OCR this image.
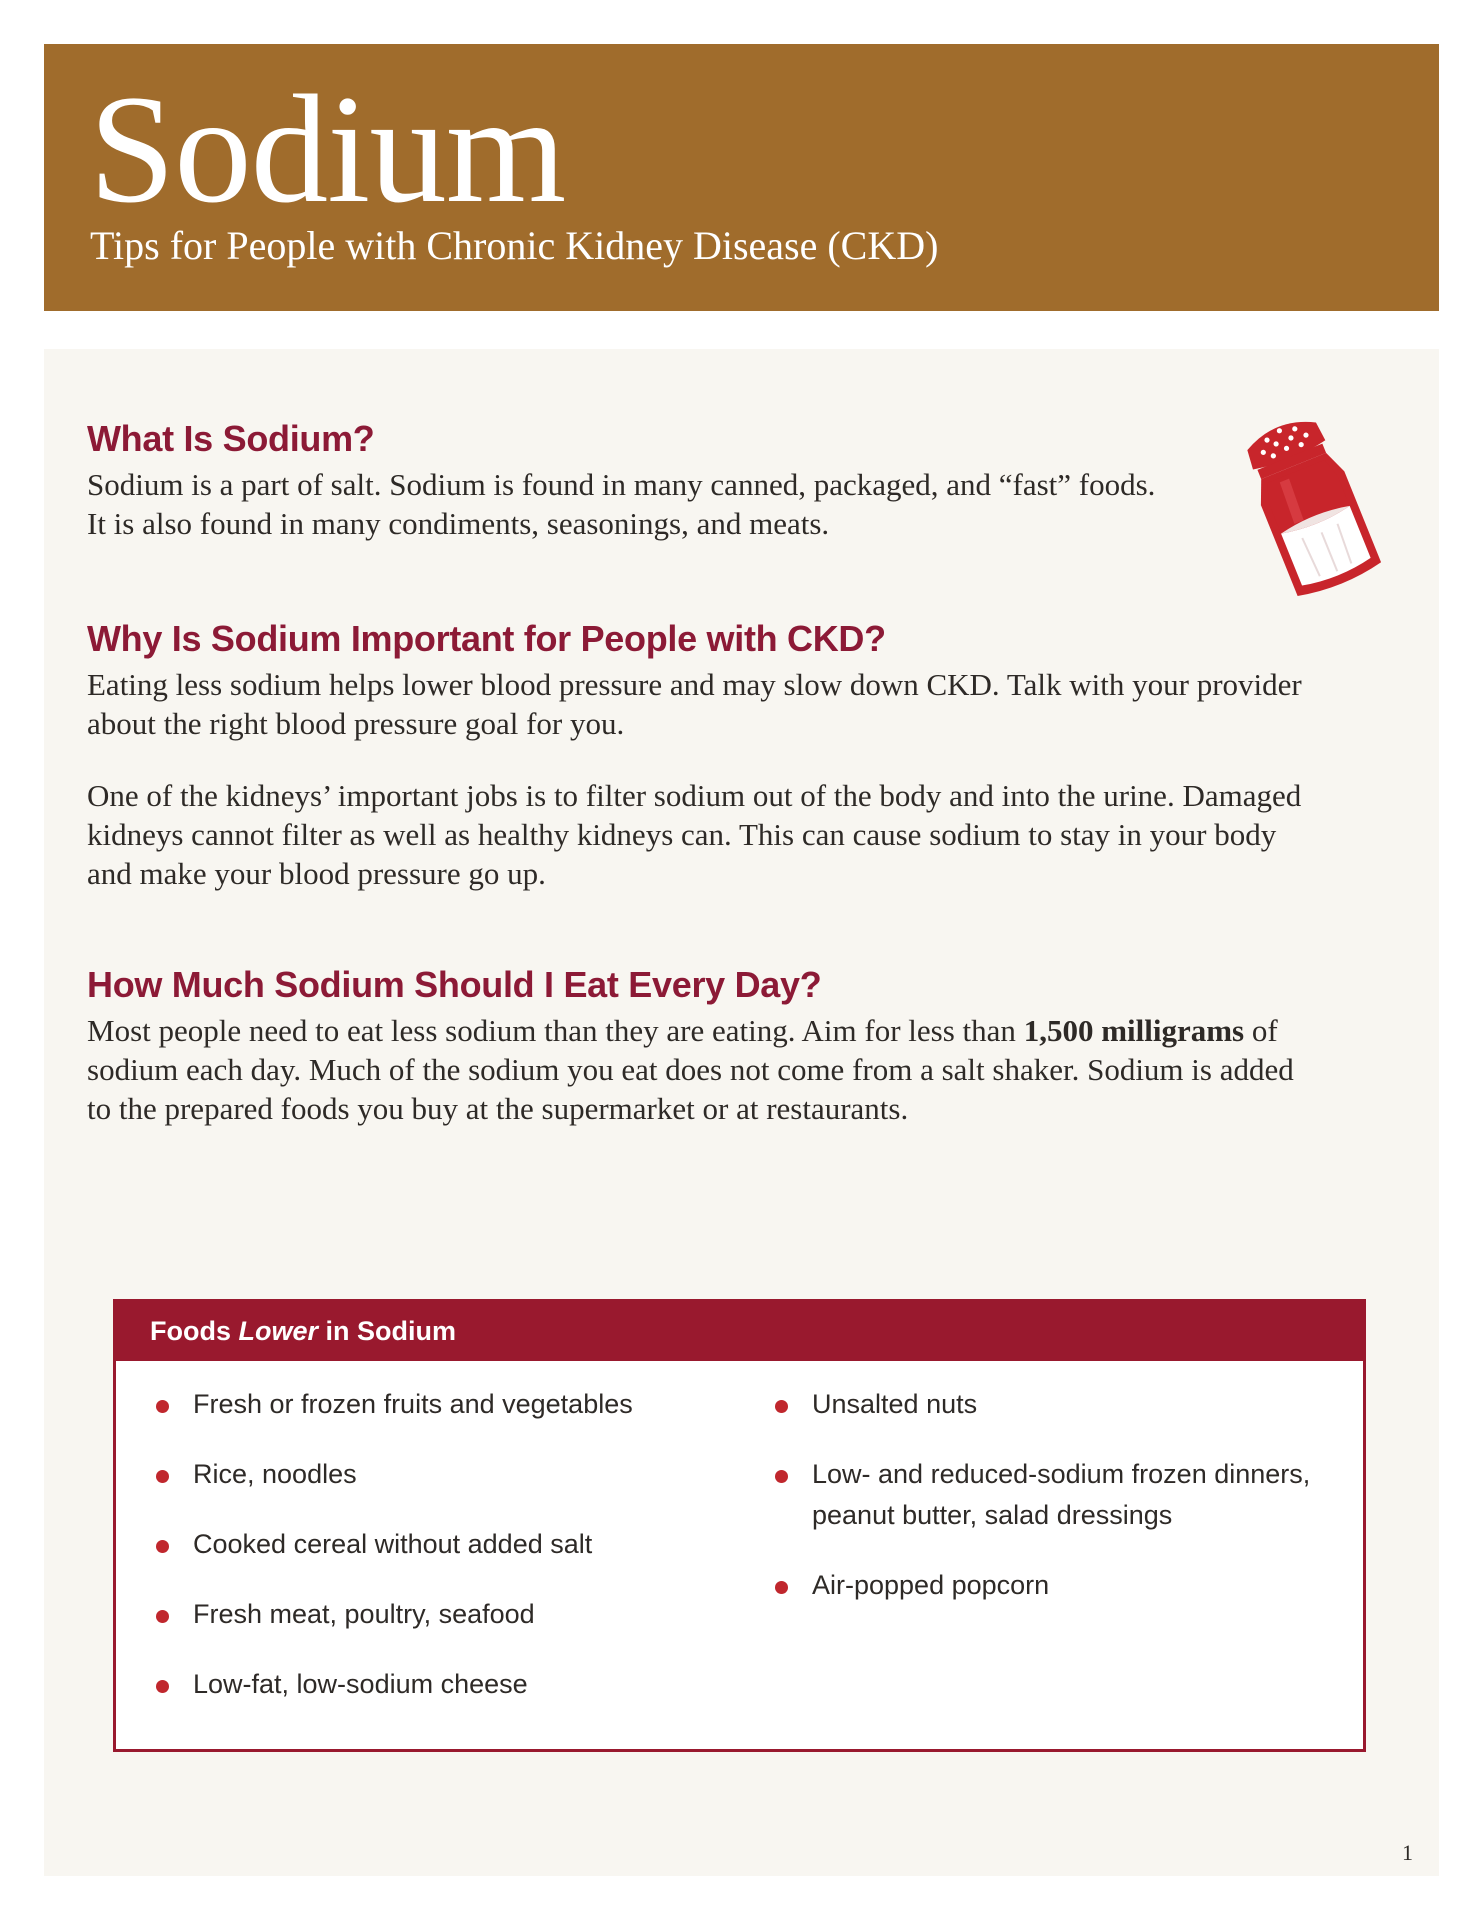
Sodium
Tips for People with Chronic Kidney Disease (CKD)
What Is Sodium?

Sodium is a part of salt. Sodium is found in many canned, packaged, and “fast” foods. It is also found in many condiments, seasonings, and meats.

Why Is Sodium Important for People with CKD?

Eating less sodium helps lower blood pressure and may slow down CKD. Talk with your provider about the right blood pressure goal for you.

One of the kidneys’ important jobs is to filter sodium out of the body and into the urine. Damaged kidneys cannot filter as well as healthy kidneys can. This can cause sodium to stay in your body and make your blood pressure go up.

How Much Sodium Should I Eat Every Day?

Most people need to eat less sodium than they are eating. Aim for less than 1,500 milligrams of sodium each day. Much of the sodium you eat does not come from a salt shaker. Sodium is added to the prepared foods you buy at the supermarket or at restaurants.

Foods Lower in Sodium
Fresh or frozen fruits and vegetables
Rice, noodles
Cooked cereal without added salt
Fresh meat, poultry, seafood
Low-fat, low-sodium cheese
Unsalted nuts
Low- and reduced-sodium frozen dinners, peanut butter, salad dressings
Air-popped popcorn
1
